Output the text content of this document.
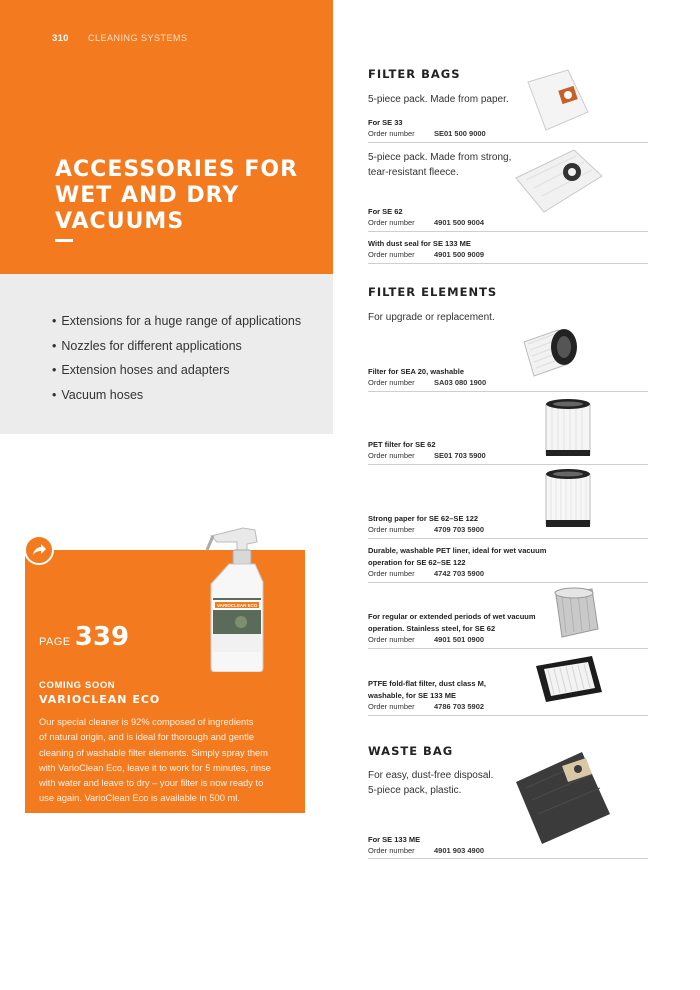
310 CLEANING SYSTEMS
ACCESSORIES FOR
WET AND DRY
VACUUMS
• Extensions for a huge range of applications
• Nozzles for different applications
• Extension hoses and adapters
• Vacuum hoses
PAGE 339
COMING SOON
VARIOCLEAN ECO
Our special cleaner is 92% composed of ingredients
of natural origin, and is ideal for thorough and gentle
cleaning of washable filter elements. Simply spray them
with VarioClean Eco, leave it to work for 5 minutes, rinse
with water and leave to dry – your filter is now ready to
use again. VarioClean Eco is available in 500 ml.
VARIOCLEAN ECO
FILTER BAGS
5-piece pack. Made from paper.
For SE 33
Order number	SE01 500 9000
5-piece pack. Made from strong,
tear-resistant fleece.
For SE 62
Order number	4901 500 9004
With dust seal for SE 133 ME
Order number	4901 500 9009
FILTER ELEMENTS
For upgrade or replacement.
Filter for SEA 20, washable
Order number	SA03 080 1900
PET filter for SE 62
Order number	SE01 703 5900
Strong paper for SE 62–SE 122
Order number	4709 703 5900
Durable, washable PET liner, ideal for wet vacuum
operation for SE 62–SE 122
Order number	4742 703 5900
For regular or extended periods of wet vacuum
operation. Stainless steel, for SE 62
Order number	4901 501 0900
PTFE fold-flat filter, dust class M,
washable, for SE 133 ME
Order number	4786 703 5902
WASTE BAG
For easy, dust-free disposal.
5-piece pack, plastic.
For SE 133 ME
Order number	4901 903 4900
